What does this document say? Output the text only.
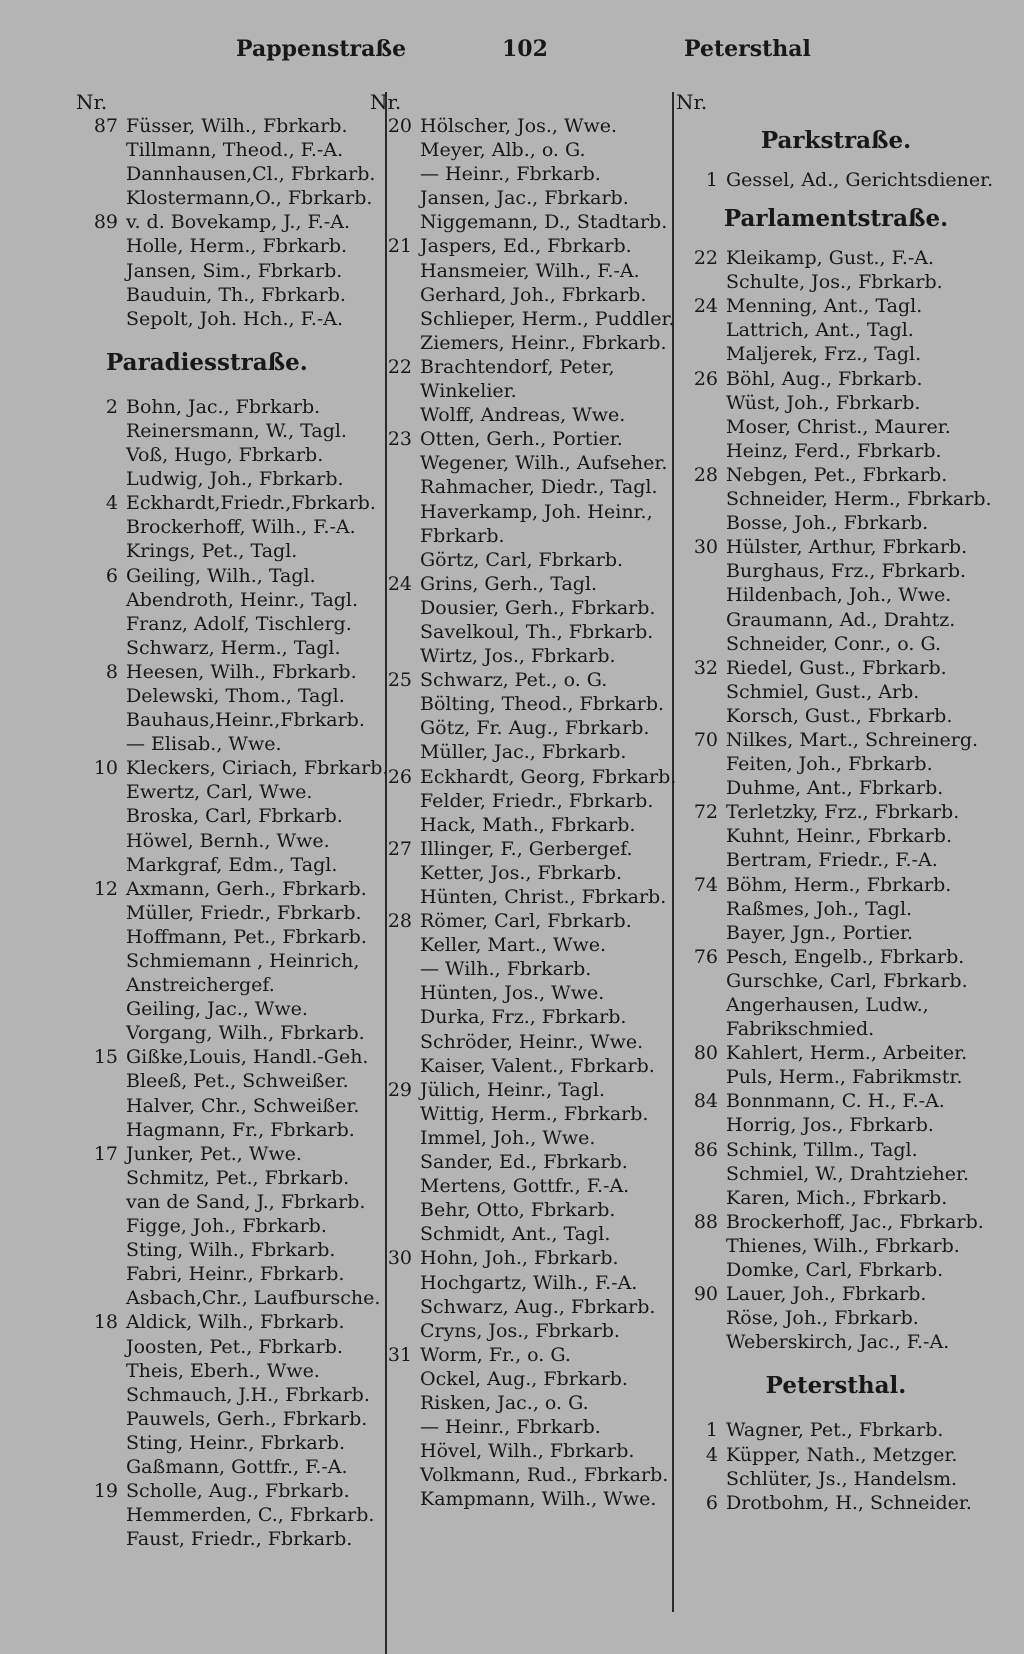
Pappenstraße	102	Petersthal
Nr.
87 Füsser, Wilh., Fbrkarb.
Tillmann, Theod., F.-A.
Dannhausen,Cl., Fbrkarb.
Klostermann,O., Fbrkarb.
89 v. d. Bovekamp, J., F.-A.
Holle, Herm., Fbrkarb.
Jansen, Sim., Fbrkarb.
Bauduin, Th., Fbrkarb.
Sepolt, Joh. Hch., F.-A.
Paradiesstraße.
2 Bohn, Jac., Fbrkarb.
Reinersmann, W., Tagl.
Voß, Hugo, Fbrkarb.
Ludwig, Joh., Fbrkarb.
4 Eckhardt,Friedr.,Fbrkarb.
Brockerhoff, Wilh., F.-A.
Krings, Pet., Tagl.
6 Geiling, Wilh., Tagl.
Abendroth, Heinr., Tagl.
Franz, Adolf, Tischlerg.
Schwarz, Herm., Tagl.
8 Heesen, Wilh., Fbrkarb.
Delewski, Thom., Tagl.
Bauhaus,Heinr.,Fbrkarb.
— Elisab., Wwe.
10 Kleckers, Ciriach, Fbrkarb.
Ewertz, Carl, Wwe.
Broska, Carl, Fbrkarb.
Höwel, Bernh., Wwe.
Markgraf, Edm., Tagl.
12 Axmann, Gerh., Fbrkarb.
Müller, Friedr., Fbrkarb.
Hoffmann, Pet., Fbrkarb.
Schmiemann , Heinrich,
Anstreichergef.
Geiling, Jac., Wwe.
Vorgang, Wilh., Fbrkarb.
15 Gißke,Louis, Handl.-Geh.
Bleeß, Pet., Schweißer.
Halver, Chr., Schweißer.
Hagmann, Fr., Fbrkarb.
17 Junker, Pet., Wwe.
Schmitz, Pet., Fbrkarb.
van de Sand, J., Fbrkarb.
Figge, Joh., Fbrkarb.
Sting, Wilh., Fbrkarb.
Fabri, Heinr., Fbrkarb.
Asbach,Chr., Laufbursche.
18 Aldick, Wilh., Fbrkarb.
Joosten, Pet., Fbrkarb.
Theis, Eberh., Wwe.
Schmauch, J.H., Fbrkarb.
Pauwels, Gerh., Fbrkarb.
Sting, Heinr., Fbrkarb.
Gaßmann, Gottfr., F.-A.
19 Scholle, Aug., Fbrkarb.
Hemmerden, C., Fbrkarb.
Faust, Friedr., Fbrkarb.
Nr.
20 Hölscher, Jos., Wwe.
Meyer, Alb., o. G.
— Heinr., Fbrkarb.
Jansen, Jac., Fbrkarb.
Niggemann, D., Stadtarb.
21 Jaspers, Ed., Fbrkarb.
Hansmeier, Wilh., F.-A.
Gerhard, Joh., Fbrkarb.
Schlieper, Herm., Puddler.
Ziemers, Heinr., Fbrkarb.
22 Brachtendorf, Peter,
Winkelier.
Wolff, Andreas, Wwe.
23 Otten, Gerh., Portier.
Wegener, Wilh., Aufseher.
Rahmacher, Diedr., Tagl.
Haverkamp, Joh. Heinr.,
Fbrkarb.
Görtz, Carl, Fbrkarb.
24 Grins, Gerh., Tagl.
Dousier, Gerh., Fbrkarb.
Savelkoul, Th., Fbrkarb.
Wirtz, Jos., Fbrkarb.
25 Schwarz, Pet., o. G.
Bölting, Theod., Fbrkarb.
Götz, Fr. Aug., Fbrkarb.
Müller, Jac., Fbrkarb.
26 Eckhardt, Georg, Fbrkarb.
Felder, Friedr., Fbrkarb.
Hack, Math., Fbrkarb.
27 Illinger, F., Gerbergef.
Ketter, Jos., Fbrkarb.
Hünten, Christ., Fbrkarb.
28 Römer, Carl, Fbrkarb.
Keller, Mart., Wwe.
— Wilh., Fbrkarb.
Hünten, Jos., Wwe.
Durka, Frz., Fbrkarb.
Schröder, Heinr., Wwe.
Kaiser, Valent., Fbrkarb.
29 Jülich, Heinr., Tagl.
Wittig, Herm., Fbrkarb.
Immel, Joh., Wwe.
Sander, Ed., Fbrkarb.
Mertens, Gottfr., F.-A.
Behr, Otto, Fbrkarb.
Schmidt, Ant., Tagl.
30 Hohn, Joh., Fbrkarb.
Hochgartz, Wilh., F.-A.
Schwarz, Aug., Fbrkarb.
Cryns, Jos., Fbrkarb.
31 Worm, Fr., o. G.
Ockel, Aug., Fbrkarb.
Risken, Jac., o. G.
— Heinr., Fbrkarb.
Hövel, Wilh., Fbrkarb.
Volkmann, Rud., Fbrkarb.
Kampmann, Wilh., Wwe.
Nr.
Parkstraße.
1 Gessel, Ad., Gerichtsdiener.
Parlamentstraße.
22 Kleikamp, Gust., F.-A.
Schulte, Jos., Fbrkarb.
24 Menning, Ant., Tagl.
Lattrich, Ant., Tagl.
Maljerek, Frz., Tagl.
26 Böhl, Aug., Fbrkarb.
Wüst, Joh., Fbrkarb.
Moser, Christ., Maurer.
Heinz, Ferd., Fbrkarb.
28 Nebgen, Pet., Fbrkarb.
Schneider, Herm., Fbrkarb.
Bosse, Joh., Fbrkarb.
30 Hülster, Arthur, Fbrkarb.
Burghaus, Frz., Fbrkarb.
Hildenbach, Joh., Wwe.
Graumann, Ad., Drahtz.
Schneider, Conr., o. G.
32 Riedel, Gust., Fbrkarb.
Schmiel, Gust., Arb.
Korsch, Gust., Fbrkarb.
70 Nilkes, Mart., Schreinerg.
Feiten, Joh., Fbrkarb.
Duhme, Ant., Fbrkarb.
72 Terletzky, Frz., Fbrkarb.
Kuhnt, Heinr., Fbrkarb.
Bertram, Friedr., F.-A.
74 Böhm, Herm., Fbrkarb.
Raßmes, Joh., Tagl.
Bayer, Jgn., Portier.
76 Pesch, Engelb., Fbrkarb.
Gurschke, Carl, Fbrkarb.
Angerhausen, Ludw.,
Fabrikschmied.
80 Kahlert, Herm., Arbeiter.
Puls, Herm., Fabrikmstr.
84 Bonnmann, C. H., F.-A.
Horrig, Jos., Fbrkarb.
86 Schink, Tillm., Tagl.
Schmiel, W., Drahtzieher.
Karen, Mich., Fbrkarb.
88 Brockerhoff, Jac., Fbrkarb.
Thienes, Wilh., Fbrkarb.
Domke, Carl, Fbrkarb.
90 Lauer, Joh., Fbrkarb.
Röse, Joh., Fbrkarb.
Weberskirch, Jac., F.-A.
Petersthal.
1 Wagner, Pet., Fbrkarb.
4 Küpper, Nath., Metzger.
Schlüter, Js., Handelsm.
6 Drotbohm, H., Schneider.
